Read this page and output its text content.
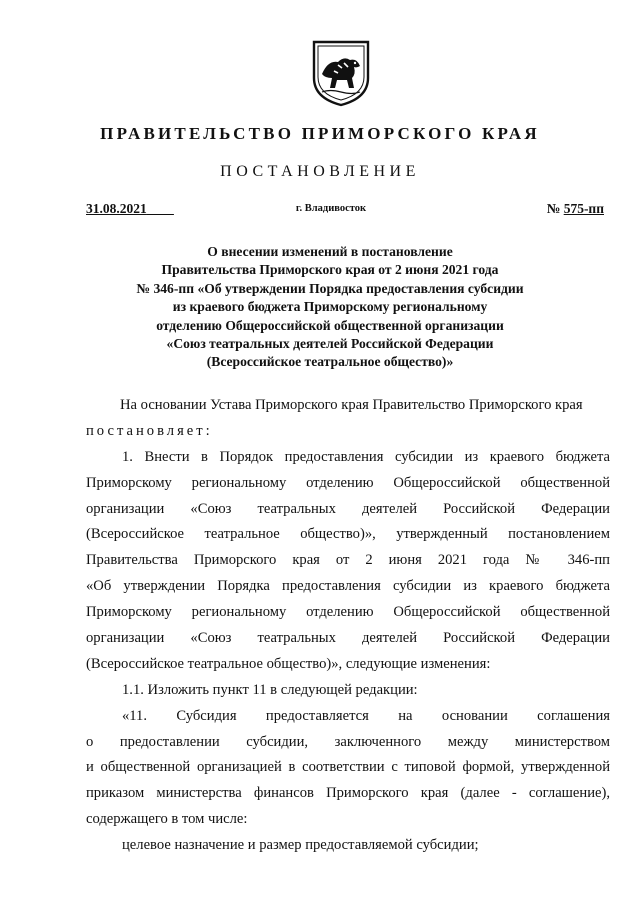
ПРАВИТЕЛЬСТВО ПРИМОРСКОГО КРАЯ
ПОСТАНОВЛЕНИЕ
31.08.2021____	г. Владивосток	№ 575-пп
О внесении изменений в постановление
Правительства Приморского края от 2 июня 2021 года
№ 346-пп «Об утверждении Порядка предоставления субсидии
из краевого бюджета Приморскому региональному
отделению Общероссийской общественной организации
«Союз театральных деятелей Российской Федерации
(Всероссийское театральное общество)»
На основании Устава Приморского края Правительство Приморского края
постановляет:
1. Внести в Порядок предоставления субсидии из краевого бюджета
Приморскому региональному отделению Общероссийской общественной
организации «Союз театральных деятелей Российской Федерации
(Всероссийское театральное общество)», утвержденный постановлением
Правительства Приморского края от 2 июня 2021 года № 346-пп
«Об утверждении Порядка предоставления субсидии из краевого бюджета
Приморскому региональному отделению Общероссийской общественной
организации «Союз театральных деятелей Российской Федерации
(Всероссийское театральное общество)», следующие изменения:
1.1. Изложить пункт 11 в следующей редакции:
«11. Субсидия предоставляется на основании соглашения
о предоставлении субсидии, заключенного между министерством
и общественной организацией в соответствии с типовой формой, утвержденной
приказом министерства финансов Приморского края (далее - соглашение),
содержащего в том числе:
целевое назначение и размер предоставляемой субсидии;
